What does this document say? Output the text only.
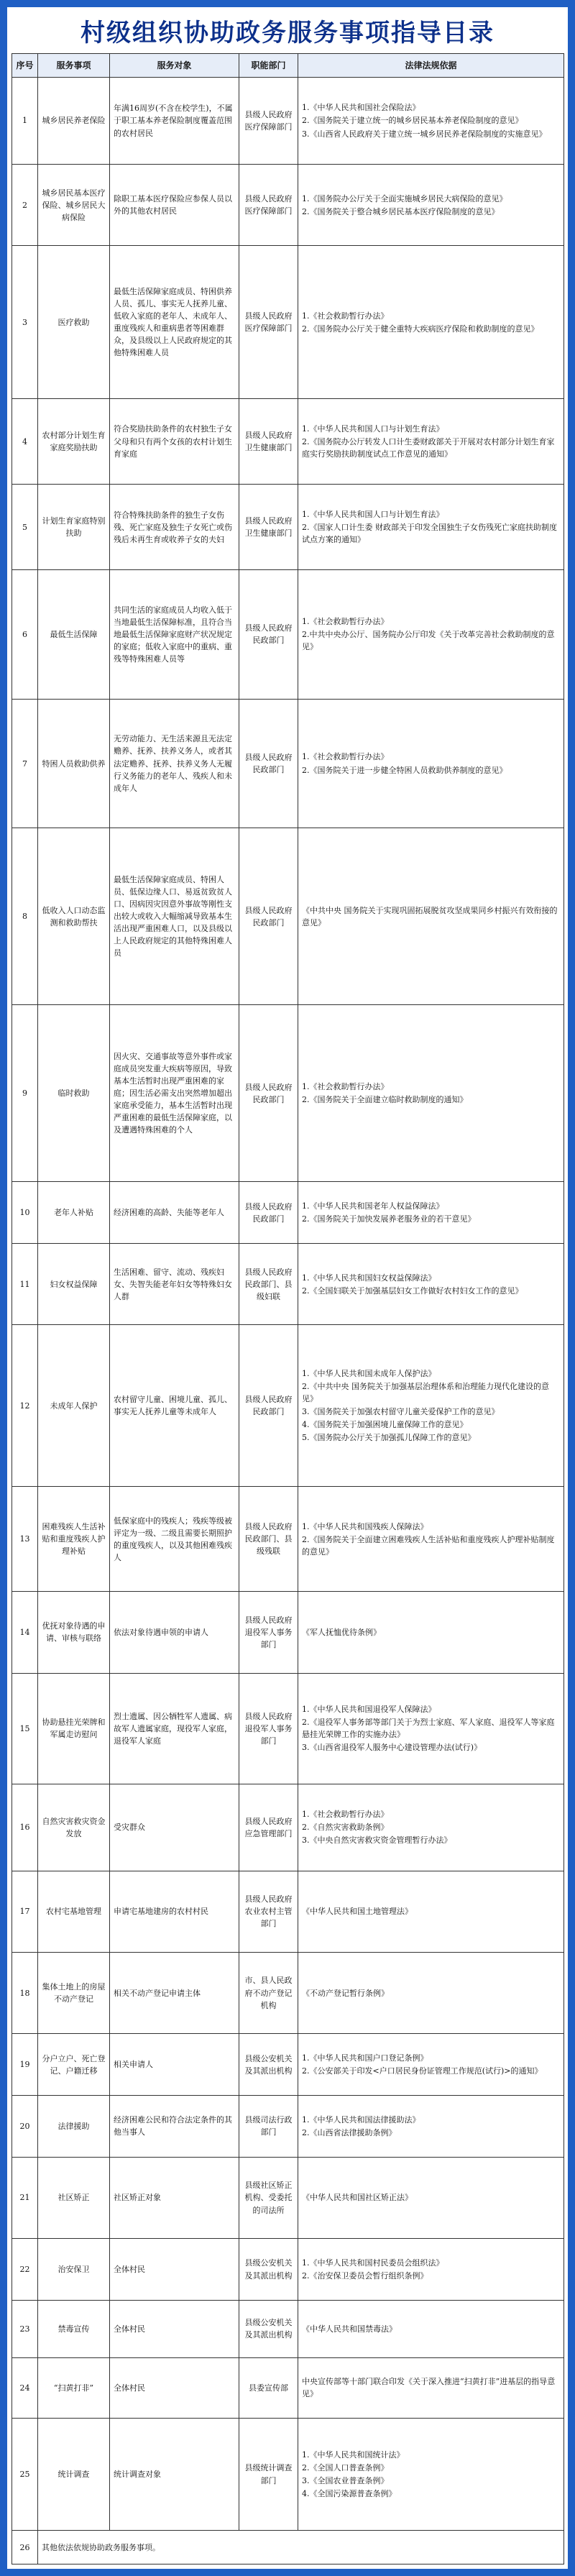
村级组织协助政务服务事项指导目录
序号	服务事项	服务对象	职能部门	法律法规依据
1	城乡居民养老保险	年满16周岁(不含在校学生)，不属于职工基本养老保险制度覆盖范围的农村居民	县级人民政府医疗保障部门	1.《中华人民共和国社会保险法》
2.《国务院关于建立统一的城乡居民基本养老保险制度的意见》
3.《山西省人民政府关于建立统一城乡居民养老保险制度的实施意见》

2	城乡居民基本医疗保险、城乡居民大病保险	除职工基本医疗保险应参保人员以外的其他农村居民	县级人民政府医疗保障部门	1.《国务院办公厅关于全面实施城乡居民大病保险的意见》
2.《国务院关于整合城乡居民基本医疗保险制度的意见》

3	医疗救助	最低生活保障家庭成员、特困供养人员、孤儿、事实无人抚养儿童、低收入家庭的老年人、未成年人、重度残疾人和重病患者等困难群众，及县级以上人民政府规定的其他特殊困难人员	县级人民政府医疗保障部门	1.《社会救助暂行办法》
2.《国务院办公厅关于健全重特大疾病医疗保险和救助制度的意见》

4	农村部分计划生育家庭奖励扶助	符合奖励扶助条件的农村独生子女父母和只有两个女孩的农村计划生育家庭	县级人民政府卫生健康部门	1.《中华人民共和国人口与计划生育法》
2.《国务院办公厅转发人口计生委财政部关于开展对农村部分计划生育家庭实行奖励扶助制度试点工作意见的通知》

5	计划生育家庭特别扶助	符合特殊扶助条件的独生子女伤残、死亡家庭及独生子女死亡或伤残后未再生育或收养子女的夫妇	县级人民政府卫生健康部门	1.《中华人民共和国人口与计划生育法》
2.《国家人口计生委 财政部关于印发全国独生子女伤残死亡家庭扶助制度试点方案的通知》

6	最低生活保障	共同生活的家庭成员人均收入低于当地最低生活保障标准，且符合当地最低生活保障家庭财产状况规定的家庭；低收入家庭中的重病、重残等特殊困难人员等	县级人民政府民政部门	1.《社会救助暂行办法》
2.中共中央办公厅、国务院办公厅印发《关于改革完善社会救助制度的意见》

7	特困人员救助供养	无劳动能力、无生活来源且无法定赡养、抚养、扶养义务人，或者其法定赡养、抚养、扶养义务人无履行义务能力的老年人、残疾人和未成年人	县级人民政府民政部门	1.《社会救助暂行办法》
2.《国务院关于进一步健全特困人员救助供养制度的意见》

8	低收入人口动态监测和救助帮扶	最低生活保障家庭成员、特困人员、低保边缘人口、易返贫致贫人口、因病因灾因意外事故等刚性支出较大或收入大幅缩减导致基本生活出现严重困难人口，以及县级以上人民政府规定的其他特殊困难人员	县级人民政府民政部门	《中共中央 国务院关于实现巩固拓展脱贫攻坚成果同乡村振兴有效衔接的意见》

9	临时救助	因火灾、交通事故等意外事件或家庭成员突发重大疾病等原因，导致基本生活暂时出现严重困难的家庭；因生活必需支出突然增加超出家庭承受能力，基本生活暂时出现严重困难的最低生活保障家庭，以及遭遇特殊困难的个人	县级人民政府民政部门	1.《社会救助暂行办法》
2.《国务院关于全面建立临时救助制度的通知》

10	老年人补贴	经济困难的高龄、失能等老年人	县级人民政府民政部门	1.《中华人民共和国老年人权益保障法》
2.《国务院关于加快发展养老服务业的若干意见》

11	妇女权益保障	生活困难、留守、流动、残疾妇女、失智失能老年妇女等特殊妇女人群	县级人民政府民政部门、县级妇联	1.《中华人民共和国妇女权益保障法》
2.《全国妇联关于加强基层妇女工作做好农村妇女工作的意见》

12	未成年人保护	农村留守儿童、困境儿童、孤儿、事实无人抚养儿童等未成年人	县级人民政府民政部门	1.《中华人民共和国未成年人保护法》
2.《中共中央 国务院关于加强基层治理体系和治理能力现代化建设的意见》
3.《国务院关于加强农村留守儿童关爱保护工作的意见》
4.《国务院关于加强困境儿童保障工作的意见》
5.《国务院办公厅关于加强孤儿保障工作的意见》

13	困难残疾人生活补贴和重度残疾人护理补贴	低保家庭中的残疾人；残疾等级被评定为一级、二级且需要长期照护的重度残疾人，以及其他困难残疾人	县级人民政府民政部门、县级残联	1.《中华人民共和国残疾人保障法》
2.《国务院关于全面建立困难残疾人生活补贴和重度残疾人护理补贴制度的意见》

14	优抚对象待遇的申请、审核与联络	依法对象待遇申领的申请人	县级人民政府退役军人事务部门	《军人抚恤优待条例》

15	协助悬挂光荣牌和军属走访慰问	烈士遗属、因公牺牲军人遗属、病故军人遗属家庭，现役军人家庭，退役军人家庭	县级人民政府退役军人事务部门	1.《中华人民共和国退役军人保障法》
2.《退役军人事务部等部门关于为烈士家庭、军人家庭、退役军人等家庭悬挂光荣牌工作的实施办法》
3.《山西省退役军人服务中心建设管理办法(试行)》

16	自然灾害救灾资金发放	受灾群众	县级人民政府应急管理部门	1.《社会救助暂行办法》
2.《自然灾害救助条例》
3.《中央自然灾害救灾资金管理暂行办法》

17	农村宅基地管理	申请宅基地建房的农村村民	县级人民政府农业农村主管部门	《中华人民共和国土地管理法》

18	集体土地上的房屋不动产登记	相关不动产登记申请主体	市、县人民政府不动产登记机构	《不动产登记暂行条例》

19	分户立户、死亡登记、户籍迁移	相关申请人	县级公安机关及其派出机构	1.《中华人民共和国户口登记条例》
2.《公安部关于印发<户口居民身份证管理工作规范(试行)>的通知》

20	法律援助	经济困难公民和符合法定条件的其他当事人	县级司法行政部门	1.《中华人民共和国法律援助法》
2.《山西省法律援助条例》

21	社区矫正	社区矫正对象	县级社区矫正机构、受委托的司法所	《中华人民共和国社区矫正法》

22	治安保卫	全体村民	县级公安机关及其派出机构	1.《中华人民共和国村民委员会组织法》
2.《治安保卫委员会暂行组织条例》

23	禁毒宣传	全体村民	县级公安机关及其派出机构	《中华人民共和国禁毒法》

24	“扫黄打非”	全体村民	县委宣传部	中央宣传部等十部门联合印发《关于深入推进“扫黄打非”进基层的指导意见》

25	统计调查	统计调查对象	县级统计调查部门	1.《中华人民共和国统计法》
2.《全国人口普查条例》
3.《全国农业普查条例》
4.《全国污染源普查条例》

26	其他依法依规协助政务服务事项。			
